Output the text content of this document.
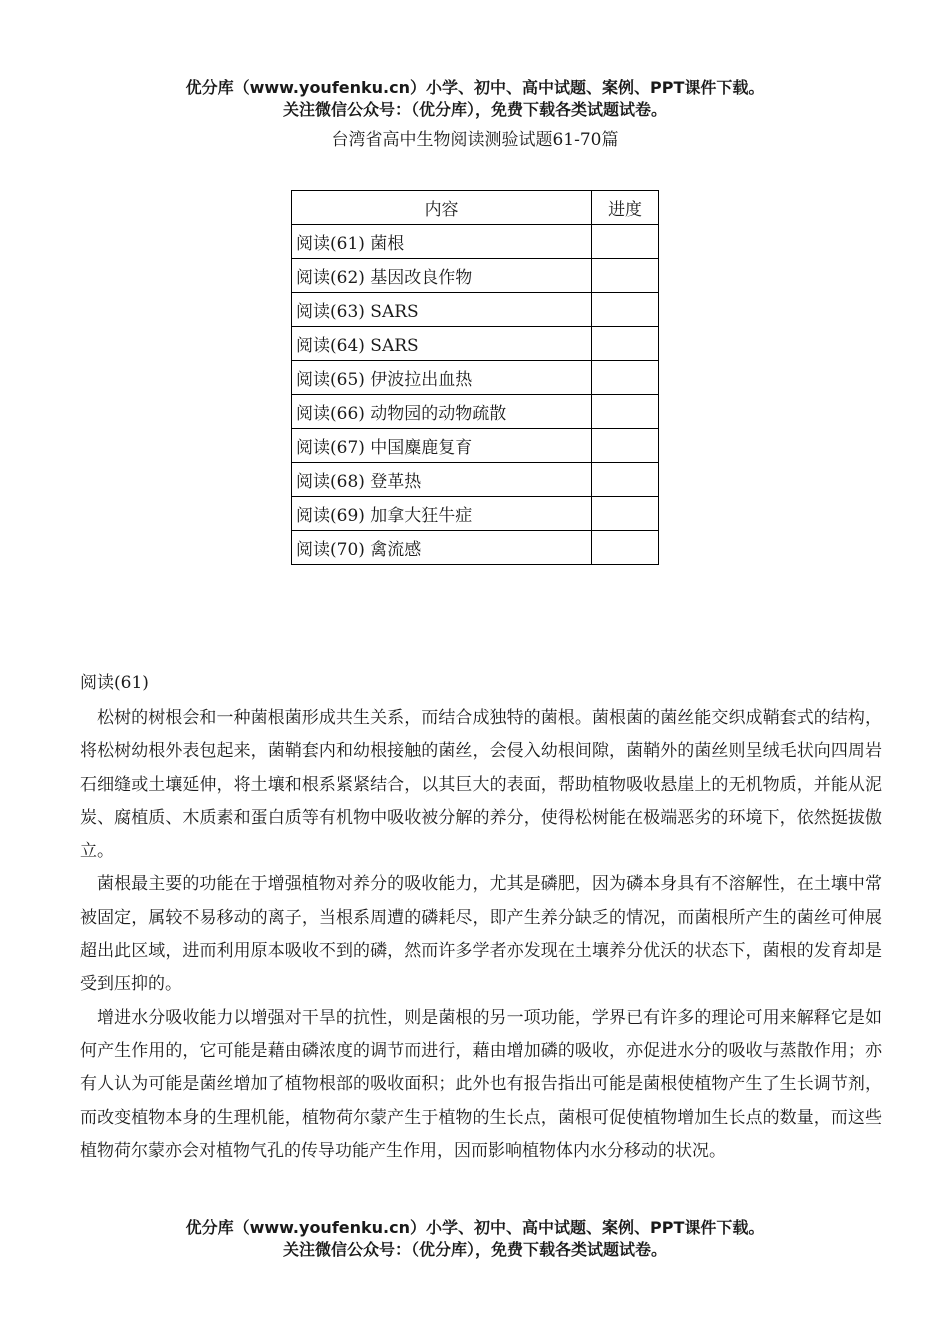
优分库（www.youfenku.cn）小学、初中、高中试题、案例、PPT课件下载。
关注微信公众号：（优分库），免费下载各类试题试卷。
台湾省高中生物阅读测验试题61-70篇
内容	进度
阅读(61) 菌根	
阅读(62) 基因改良作物	
阅读(63) SARS	
阅读(64) SARS	
阅读(65) 伊波拉出血热	
阅读(66) 动物园的动物疏散	
阅读(67) 中国麋鹿复育	
阅读(68) 登革热	
阅读(69) 加拿大狂牛症	
阅读(70) 禽流感	
阅读(61)

松树的树根会和一种菌根菌形成共生关系，而结合成独特的菌根。菌根菌的菌丝能交织成鞘套式的结构，将松树幼根外表包起来，菌鞘套内和幼根接触的菌丝，会侵入幼根间隙，菌鞘外的菌丝则呈绒毛状向四周岩石细缝或土壤延伸，将土壤和根系紧紧结合，以其巨大的表面，帮助植物吸收悬崖上的无机物质，并能从泥炭、腐植质、木质素和蛋白质等有机物中吸收被分解的养分，使得松树能在极端恶劣的环境下，依然挺拔傲立。

菌根最主要的功能在于增强植物对养分的吸收能力，尤其是磷肥，因为磷本身具有不溶解性，在土壤中常被固定，属较不易移动的离子，当根系周遭的磷耗尽，即产生养分缺乏的情况，而菌根所产生的菌丝可伸展超出此区域，进而利用原本吸收不到的磷，然而许多学者亦发现在土壤养分优沃的状态下，菌根的发育却是受到压抑的。

增进水分吸收能力以增强对干旱的抗性，则是菌根的另一项功能，学界已有许多的理论可用来解释它是如何产生作用的，它可能是藉由磷浓度的调节而进行，藉由增加磷的吸收，亦促进水分的吸收与蒸散作用；亦有人认为可能是菌丝增加了植物根部的吸收面积；此外也有报告指出可能是菌根使植物产生了生长调节剂，而改变植物本身的生理机能，植物荷尔蒙产生于植物的生长点，菌根可促使植物增加生长点的数量，而这些植物荷尔蒙亦会对植物气孔的传导功能产生作用，因而影响植物体内水分移动的状况。

优分库（www.youfenku.cn）小学、初中、高中试题、案例、PPT课件下载。
关注微信公众号：（优分库），免费下载各类试题试卷。
